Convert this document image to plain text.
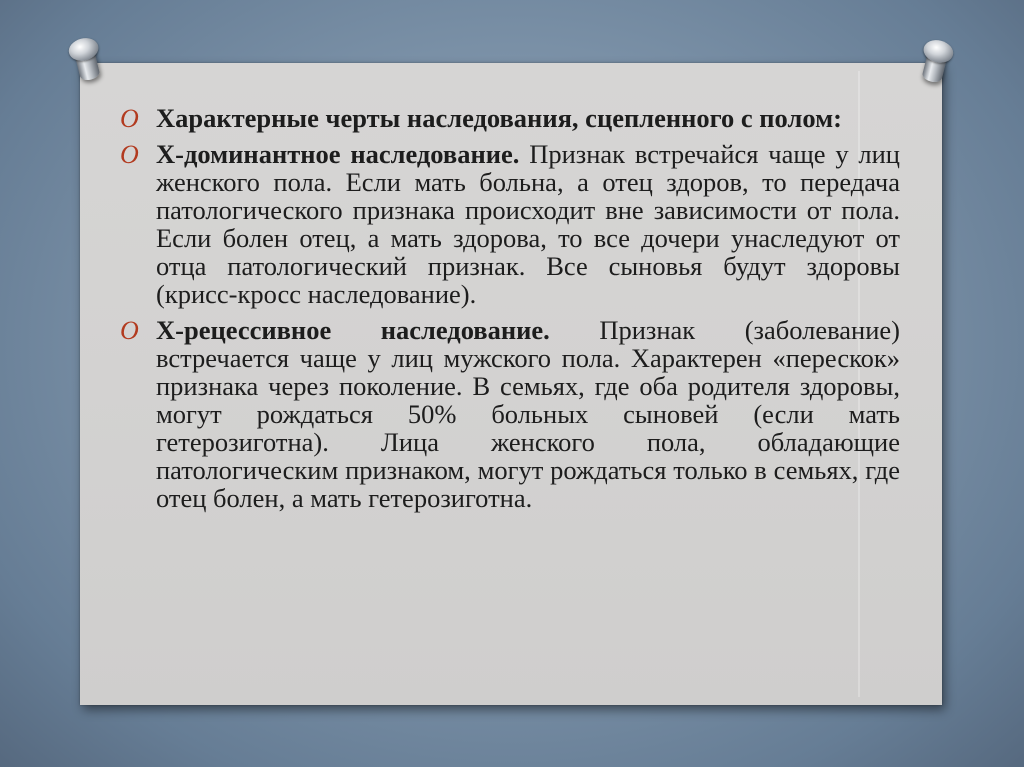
O Характерные черты наследования, сцепленного с полом:

O Х-доминантное наследование. Признак встречайся чаще у лиц женского пола. Если мать больна, а отец здоров, то передача патологического признака происходит вне зависимости от пола. Если болен отец, а мать здорова, то все дочери унаследуют от отца патологический признак. Все сыновья будут здоровы (крисс-кросс наследование).

O Х-рецессивное наследование. Признак (заболевание) встречается чаще у лиц мужского пола. Характерен «перескок» признака через поколение. В семьях, где оба родителя здоровы, могут рождаться 50% больных сыновей (если мать гетерозиготна). Лица женского пола, обладающие патологическим признаком, могут рождаться только в семьях, где отец болен, а мать гетерозиготна.
